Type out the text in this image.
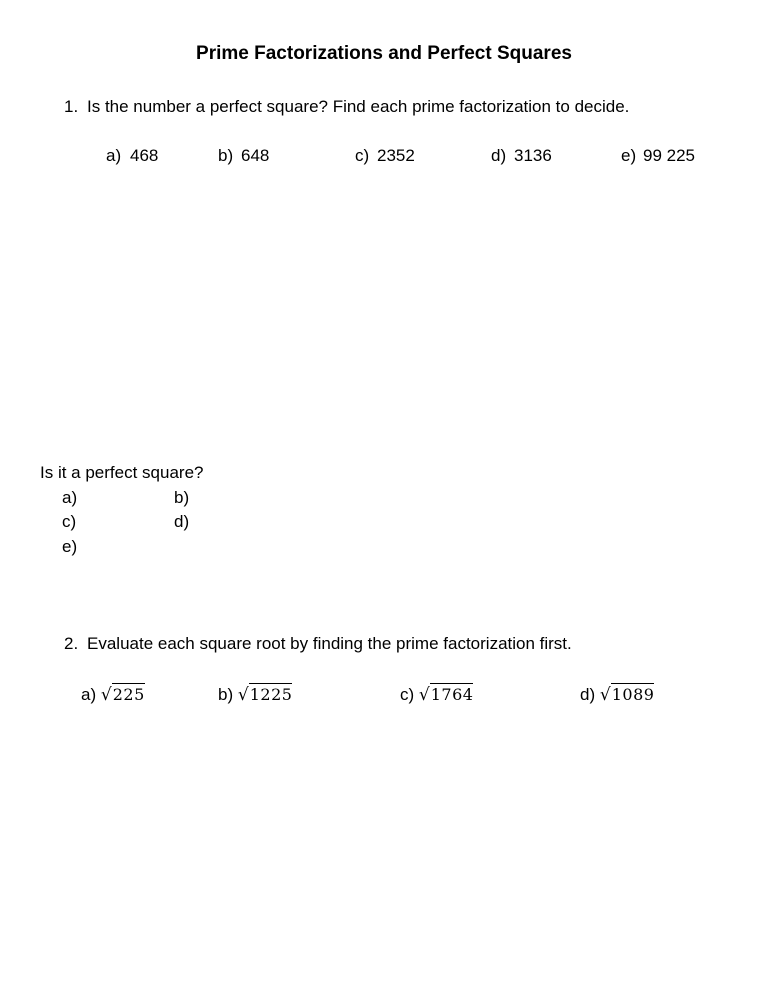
Prime Factorizations and Perfect Squares
1. Is the number a perfect square? Find each prime factorization to decide.
a) 468	b) 648	c) 2352	d) 3136	e) 99 225
Is it a perfect square?
a)	b)
c)	d)
e)
2. Evaluate each square root by finding the prime factorization first.
a) √225	b) √1225	c) √1764	d) √1089
